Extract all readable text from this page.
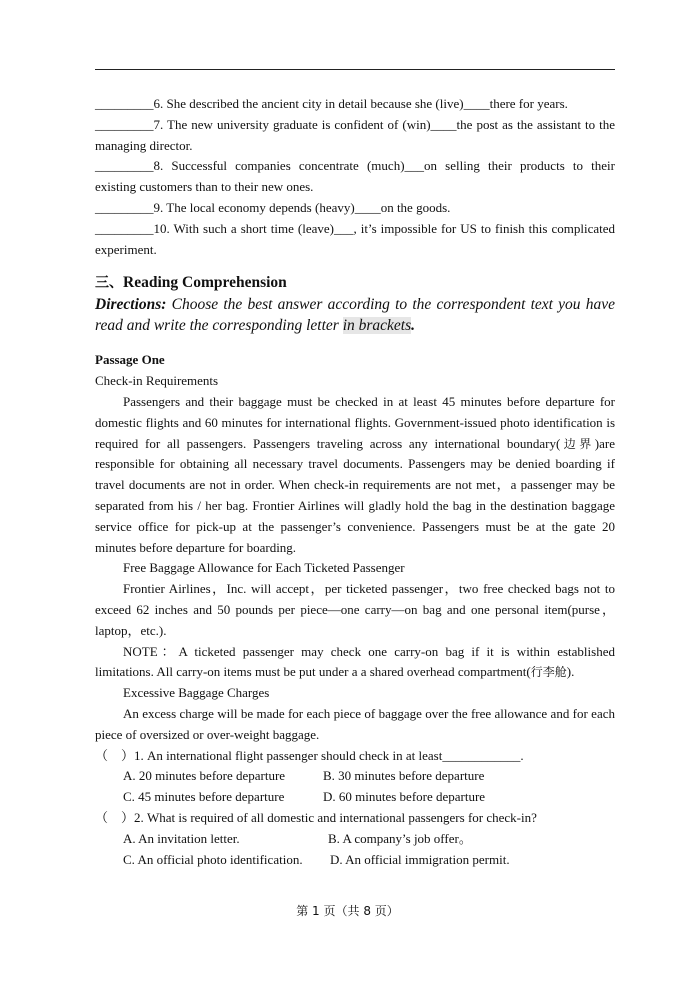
_________6. She described the ancient city in detail because she (live)____there for years.

_________7. The new university graduate is confident of (win)____the post as the assistant to the managing director.

_________8. Successful companies concentrate (much)___on selling their products to their existing customers than to their new ones.

_________9. The local economy depends (heavy)____on the goods.

_________10. With such a short time (leave)___, it’s impossible for US to finish this complicated experiment.

三、Reading Comprehension

Directions: Choose the best answer according to the correspondent text you have read and write the corresponding letter in brackets.

Passage One

Check-in Requirements

Passengers and their baggage must be checked in at least 45 minutes before departure for domestic flights and 60 minutes for international flights. Government-issued photo identification is required for all passengers. Passengers traveling across any international boundary(边界)are responsible for obtaining all necessary travel documents. Passengers may be denied boarding if travel documents are not in order. When check-in requirements are not met，a passenger may be separated from his / her bag. Frontier Airlines will gladly hold the bag in the destination baggage service office for pick-up at the passenger’s convenience. Passengers must be at the gate 20 minutes before departure for boarding.

Free Baggage Allowance for Each Ticketed Passenger

Frontier Airlines，Inc. will accept，per ticketed passenger，two free checked bags not to exceed 62 inches and 50 pounds per piece—one carry—on bag and one personal item(purse，laptop，etc.).

NOTE：A ticketed passenger may check one carry-on bag if it is within established limitations. All carry-on items must be put under a a shared overhead compartment(行李舱).

Excessive Baggage Charges

An excess charge will be made for each piece of baggage over the free allowance and for each piece of oversized or over-weight baggage.

（　）1. An international flight passenger should check in at least____________.

A. 20 minutes before departure	B. 30 minutes before departure

C. 45 minutes before departure	D. 60 minutes before departure

（　）2. What is required of all domestic and international passengers for check-in?

A. An invitation letter.	B. A company’s job offer。

C. An official photo identification. D. An official immigration permit.

第 1 页（共 8 页）
